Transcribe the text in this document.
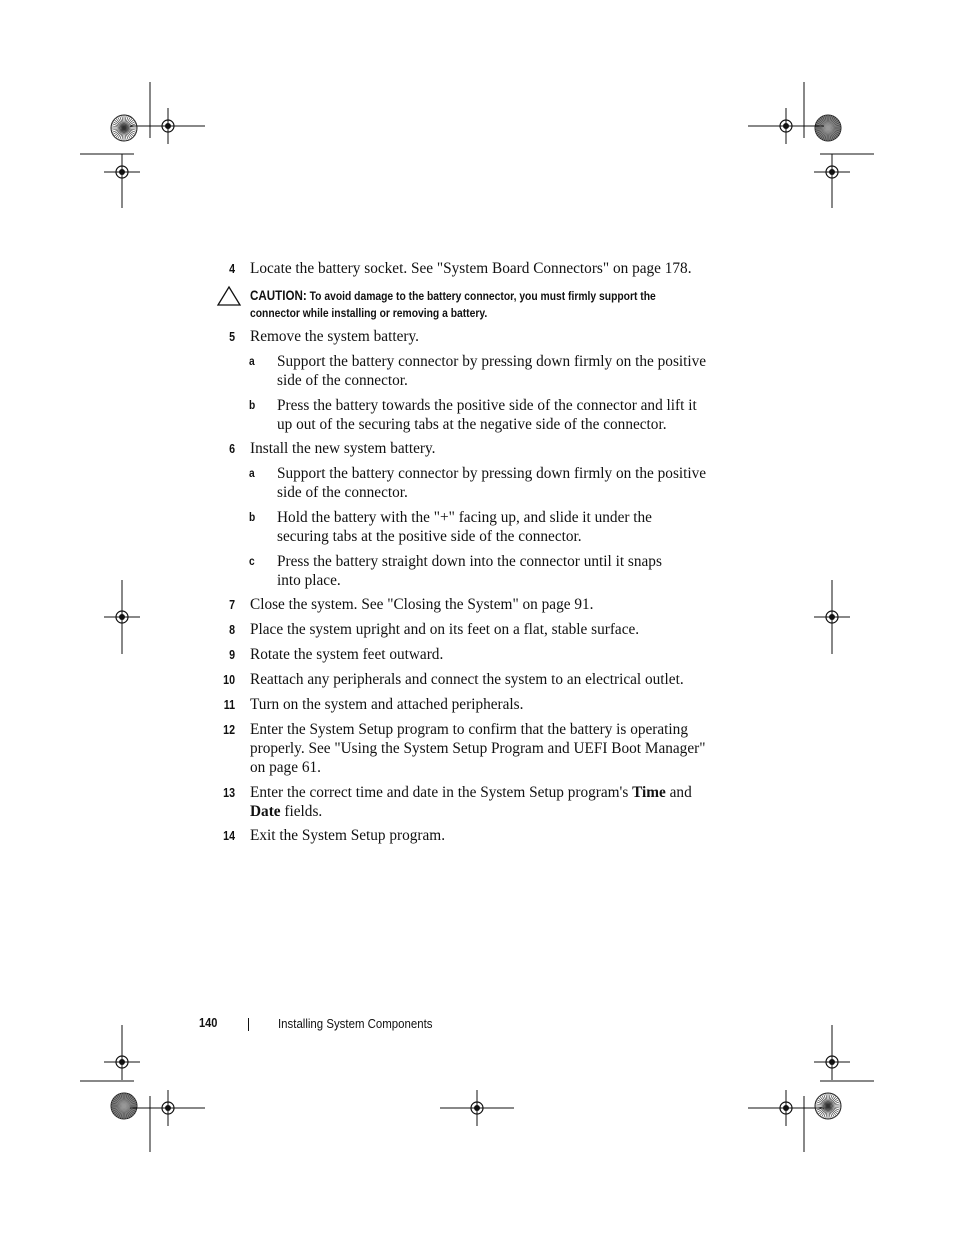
4 Locate the battery socket. See "System Board Connectors" on page 178.
CAUTION: To avoid damage to the battery connector, you must firmly support the
connector while installing or removing a battery.
5 Remove the system battery.
a Support the battery connector by pressing down firmly on the positive
side of the connector.
b Press the battery towards the positive side of the connector and lift it
up out of the securing tabs at the negative side of the connector.
6 Install the new system battery.
a Support the battery connector by pressing down firmly on the positive
side of the connector.
b Hold the battery with the "+" facing up, and slide it under the
securing tabs at the positive side of the connector.
c Press the battery straight down into the connector until it snaps
into place.
7 Close the system. See "Closing the System" on page 91.
8 Place the system upright and on its feet on a flat, stable surface.
9 Rotate the system feet outward.
10 Reattach any peripherals and connect the system to an electrical outlet.
11 Turn on the system and attached peripherals.
12 Enter the System Setup program to confirm that the battery is operating
properly. See "Using the System Setup Program and UEFI Boot Manager"
on page 61.
13 Enter the correct time and date in the System Setup program's Time and
Date fields.
14 Exit the System Setup program.
140	Installing System Components
